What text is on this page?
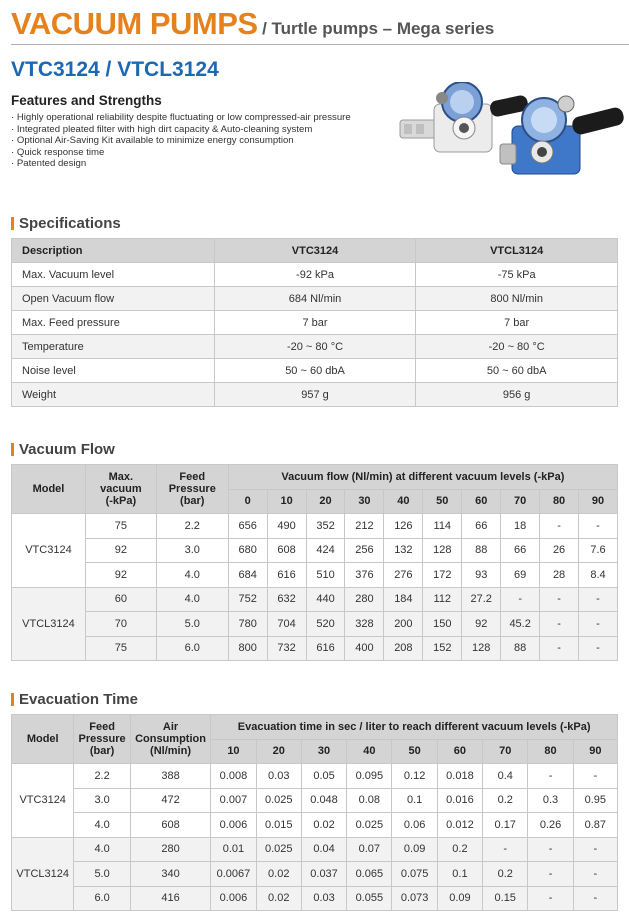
VACUUM PUMPS / Turtle pumps – Mega series
VTC3124 / VTCL3124
Features and Strengths
· Highly operational reliability despite fluctuating or low compressed-air pressure
· Integrated pleated filter with high dirt capacity & Auto-cleaning system
· Optional Air-Saving Kit available to minimize energy consumption
· Quick response time
· Patented design
Specifications
Description	VTC3124	VTCL3124
Max. Vacuum level	-92 kPa	-75 kPa
Open Vacuum flow	684 Nl/min	800 Nl/min
Max. Feed pressure	7 bar	7 bar
Temperature	-20 ~ 80 °C	-20 ~ 80 °C
Noise level	50 ~ 60 dbA	50 ~ 60 dbA
Weight	957 g	956 g
Vacuum Flow
Model	Max.
vacuum
(-kPa)	Feed
Pressure
(bar)	Vacuum flow (Nl/min) at different vacuum levels (-kPa)									
			0	10	20	30	40	50	60	70	80	90
VTC3124	75	2.2	656	490	352	212	126	114	66	18	-	-
	92	3.0	680	608	424	256	132	128	88	66	26	7.6
	92	4.0	684	616	510	376	276	172	93	69	28	8.4
VTCL3124	60	4.0	752	632	440	280	184	112	27.2	-	-	-
	70	5.0	780	704	520	328	200	150	92	45.2	-	-
	75	6.0	800	732	616	400	208	152	128	88	-	-
Evacuation Time
Model	Feed
Pressure
(bar)	Air
Consumption
(Nl/min)	Evacuation time in sec / liter to reach different vacuum levels (-kPa)								
			10	20	30	40	50	60	70	80	90
VTC3124	2.2	388	0.008	0.03	0.05	0.095	0.12	0.018	0.4	-	-
	3.0	472	0.007	0.025	0.048	0.08	0.1	0.016	0.2	0.3	0.95
	4.0	608	0.006	0.015	0.02	0.025	0.06	0.012	0.17	0.26	0.87
VTCL3124	4.0	280	0.01	0.025	0.04	0.07	0.09	0.2	-	-	-
	5.0	340	0.0067	0.02	0.037	0.065	0.075	0.1	0.2	-	-
	6.0	416	0.006	0.02	0.03	0.055	0.073	0.09	0.15	-	-
